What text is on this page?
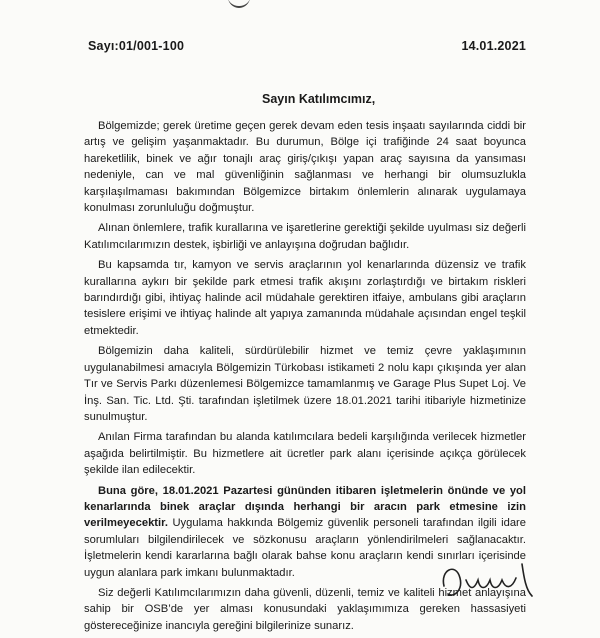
Sayı:01/001-100	14.01.2021
Sayın Katılımcımız,

Bölgemizde; gerek üretime geçen gerek devam eden tesis inşaatı sayılarında ciddi bir artış ve gelişim yaşanmaktadır. Bu durumun, Bölge içi trafiğinde 24 saat boyunca hareketlilik, binek ve ağır tonajlı araç giriş/çıkışı yapan araç sayısına da yansıması nedeniyle, can ve mal güvenliğinin sağlanması ve herhangi bir olumsuzlukla karşılaşılmaması bakımından Bölgemizce birtakım önlemlerin alınarak uygulamaya konulması zorunluluğu doğmuştur.

Alınan önlemlere, trafik kurallarına ve işaretlerine gerektiği şekilde uyulması siz değerli Katılımcılarımızın destek, işbirliği ve anlayışına doğrudan bağlıdır.

Bu kapsamda tır, kamyon ve servis araçlarının yol kenarlarında düzensiz ve trafik kurallarına aykırı bir şekilde park etmesi trafik akışını zorlaştırdığı ve birtakım riskleri barındırdığı gibi, ihtiyaç halinde acil müdahale gerektiren itfaiye, ambulans gibi araçların tesislere erişimi ve ihtiyaç halinde alt yapıya zamanında müdahale açısından engel teşkil etmektedir.

Bölgemizin daha kaliteli, sürdürülebilir hizmet ve temiz çevre yaklaşımının uygulanabilmesi amacıyla Bölgemizin Türkobası istikameti 2 nolu kapı çıkışında yer alan Tır ve Servis Parkı düzenlemesi Bölgemizce tamamlanmış ve Garage Plus Supet Loj. Ve İnş. San. Tic. Ltd. Şti. tarafından işletilmek üzere 18.01.2021 tarihi itibariyle hizmetinize sunulmuştur.

Anılan Firma tarafından bu alanda katılımcılara bedeli karşılığında verilecek hizmetler aşağıda belirtilmiştir. Bu hizmetlere ait ücretler park alanı içerisinde açıkça görülecek şekilde ilan edilecektir.

Buna göre, 18.01.2021 Pazartesi gününden itibaren işletmelerin önünde ve yol kenarlarında binek araçlar dışında herhangi bir aracın park etmesine izin verilmeyecektir. Uygulama hakkında Bölgemiz güvenlik personeli tarafından ilgili idare sorumluları bilgilendirilecek ve sözkonusu araçların yönlendirilmeleri sağlanacaktır. İşletmelerin kendi kararlarına bağlı olarak bahse konu araçların kendi sınırları içerisinde uygun alanlara park imkanı bulunmaktadır.

Siz değerli Katılımcılarımızın daha güvenli, düzenli, temiz ve kaliteli hizmet anlayışına sahip bir OSB’de yer alması konusundaki yaklaşımımıza gereken hassasiyeti göstereceğinize inancıyla gereğini bilgilerinize sunarız.
